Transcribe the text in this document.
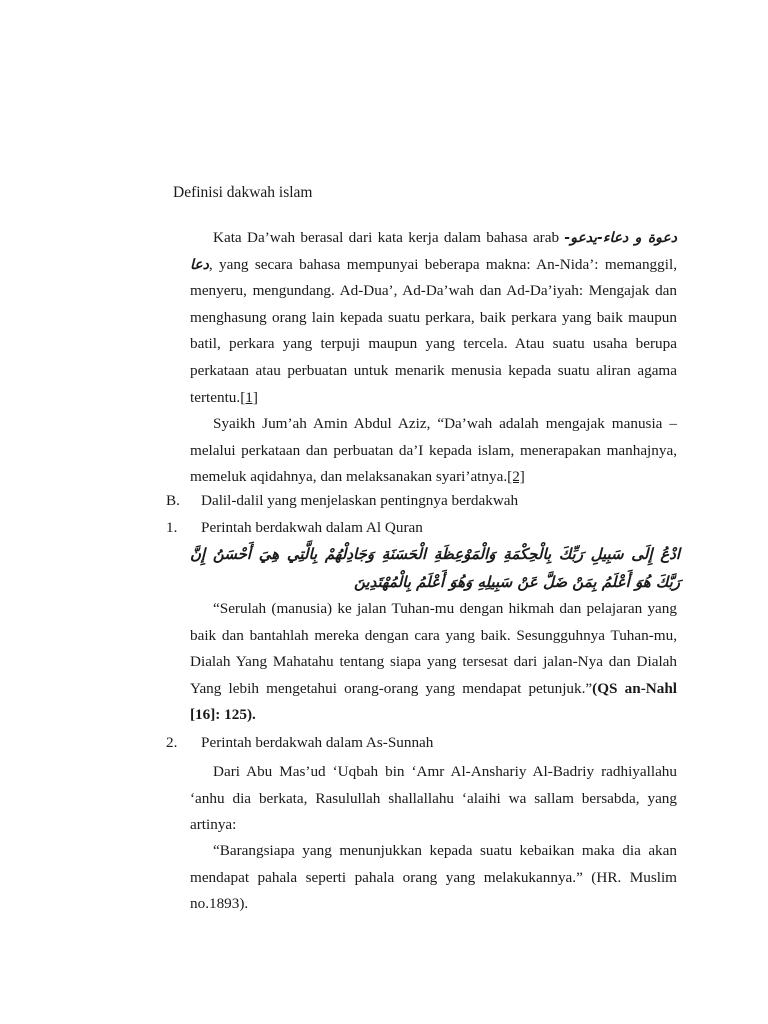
Definisi dakwah islam

Kata Da’wah berasal dari kata kerja dalam bahasa arab دعوة و دعاء-يدعو-دعا, yang secara bahasa mempunyai beberapa makna: An-Nida’: memanggil, menyeru, mengundang. Ad-Dua’, Ad-Da’wah dan Ad-Da’iyah: Mengajak dan menghasung orang lain kepada suatu perkara, baik perkara yang baik maupun batil, perkara yang terpuji maupun yang tercela. Atau suatu usaha berupa perkataan atau perbuatan untuk menarik menusia kepada suatu aliran agama tertentu.[1]

Syaikh Jum’ah Amin Abdul Aziz, “Da’wah adalah mengajak manusia – melalui perkataan dan perbuatan da’I kepada islam, menerapakan manhajnya, memeluk aqidahnya, dan melaksanakan syari’atnya.[2]

B. Dalil-dalil yang menjelaskan pentingnya berdakwah
1. Perintah berdakwah dalam Al Quran

ادْعُ إِلَى سَبِيلِ رَبِّكَ بِالْحِكْمَةِ وَالْمَوْعِظَةِ الْحَسَنَةِ وَجَادِلْهُمْ بِالَّتِي هِيَ أَحْسَنُ إِنَّ رَبَّكَ هُوَ أَعْلَمُ بِمَنْ ضَلَّ عَنْ سَبِيلِهِ وَهُوَ أَعْلَمُ بِالْمُهْتَدِينَ

“Serulah (manusia) ke jalan Tuhan-mu dengan hikmah dan pelajaran yang baik dan bantahlah mereka dengan cara yang baik. Sesungguhnya Tuhan-mu, Dialah Yang Mahatahu tentang siapa yang tersesat dari jalan-Nya dan Dialah Yang lebih mengetahui orang-orang yang mendapat petunjuk.”(QS an-Nahl [16]: 125).

2. Perintah berdakwah dalam As-Sunnah

Dari Abu Mas’ud ‘Uqbah bin ‘Amr Al-Anshariy Al-Badriy radhiyallahu ‘anhu dia berkata, Rasulullah shallallahu ‘alaihi wa sallam bersabda, yang artinya:

“Barangsiapa yang menunjukkan kepada suatu kebaikan maka dia akan mendapat pahala seperti pahala orang yang melakukannya.” (HR. Muslim no.1893).
